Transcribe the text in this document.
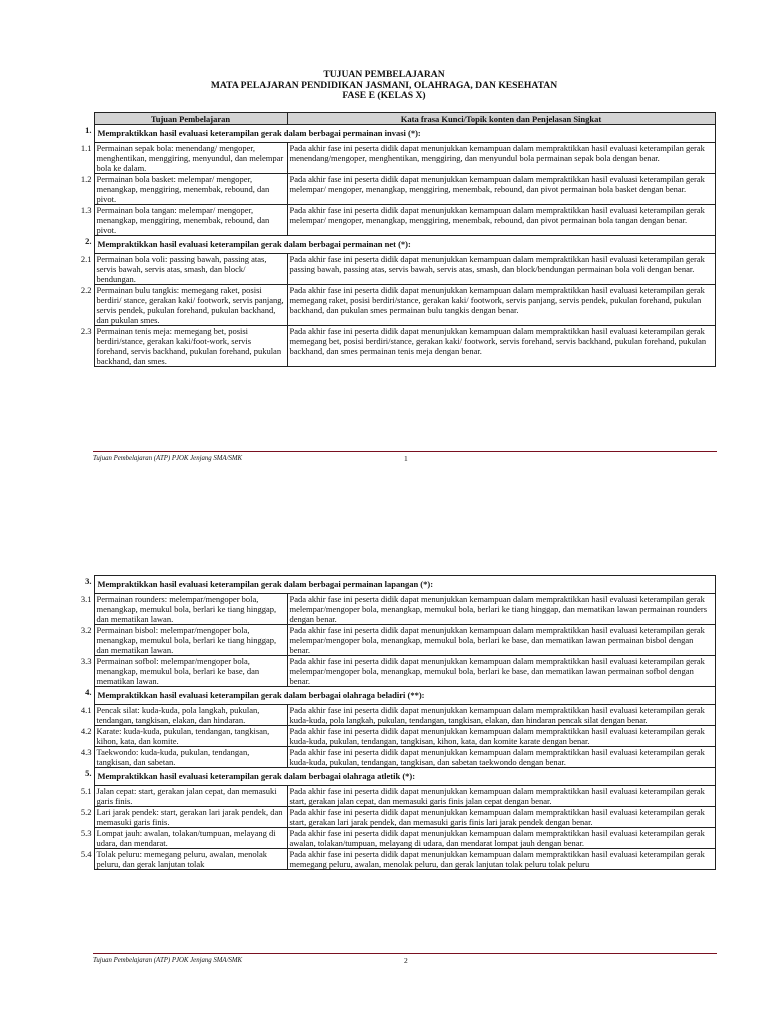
TUJUAN PEMBELAJARAN
MATA PELAJARAN PENDIDIKAN JASMANI, OLAHRAGA, DAN KESEHATAN
FASE E (KELAS X)
	Tujuan Pembelajaran	Kata frasa Kunci/Topik konten dan Penjelasan Singkat
1.	Mempraktikkan hasil evaluasi keterampilan gerak dalam berbagai permainan invasi (*):	
1.1	Permainan sepak bola: menendang/ mengoper, menghentikan, menggiring, menyundul, dan melempar bola ke dalam.	Pada akhir fase ini peserta didik dapat menunjukkan kemampuan dalam mempraktikkan hasil evaluasi keterampilan gerak menendang/mengoper, menghentikan, menggiring, dan menyundul bola permainan sepak bola dengan benar.
1.2	Permainan bola basket: melempar/ mengoper, menangkap, menggiring, menembak, rebound, dan pivot.	Pada akhir fase ini peserta didik dapat menunjukkan kemampuan dalam mempraktikkan hasil evaluasi keterampilan gerak melempar/ mengoper, menangkap, menggiring, menembak, rebound, dan pivot permainan bola basket dengan benar.
1.3	Permainan bola tangan: melempar/ mengoper, menangkap, menggiring, menembak, rebound, dan pivot.	Pada akhir fase ini peserta didik dapat menunjukkan kemampuan dalam mempraktikkan hasil evaluasi keterampilan gerak melempar/ mengoper, menangkap, menggiring, menembak, rebound, dan pivot permainan bola tangan dengan benar.
2.	Mempraktikkan hasil evaluasi keterampilan gerak dalam berbagai permainan net (*):	
2.1	Permainan bola voli: passing bawah, passing atas, servis bawah, servis atas, smash, dan block/ bendungan.	Pada akhir fase ini peserta didik dapat menunjukkan kemampuan dalam mempraktikkan hasil evaluasi keterampilan gerak passing bawah, passing atas, servis bawah, servis atas, smash, dan block/bendungan permainan bola voli dengan benar.
2.2	Permainan bulu tangkis: memegang raket, posisi berdiri/ stance, gerakan kaki/ footwork, servis panjang, servis pendek, pukulan forehand, pukulan backhand, dan pukulan smes.	Pada akhir fase ini peserta didik dapat menunjukkan kemampuan dalam mempraktikkan hasil evaluasi keterampilan gerak memegang raket, posisi berdiri/stance, gerakan kaki/ footwork, servis panjang, servis pendek, pukulan forehand, pukulan backhand, dan pukulan smes permainan bulu tangkis dengan benar.
2.3	Permainan tenis meja: memegang bet, posisi berdiri/stance, gerakan kaki/foot-work, servis forehand, servis backhand, pukulan forehand, pukulan backhand, dan smes.	Pada akhir fase ini peserta didik dapat menunjukkan kemampuan dalam mempraktikkan hasil evaluasi keterampilan gerak memegang bet, posisi berdiri/stance, gerakan kaki/ footwork, servis forehand, servis backhand, pukulan forehand, pukulan backhand, dan smes permainan tenis meja dengan benar.
Tujuan Pembelajaran (ATP) PJOK Jenjang SMA/SMK	1
3.	Mempraktikkan hasil evaluasi keterampilan gerak dalam berbagai permainan lapangan (*):	
3.1	Permainan rounders: melempar/mengoper bola, menangkap, memukul bola, berlari ke tiang hinggap, dan mematikan lawan.	Pada akhir fase ini peserta didik dapat menunjukkan kemampuan dalam mempraktikkan hasil evaluasi keterampilan gerak melempar/mengoper bola, menangkap, memukul bola, berlari ke tiang hinggap, dan mematikan lawan permainan rounders dengan benar.
3.2	Permainan bisbol: melempar/mengoper bola, menangkap, memukul bola, berlari ke tiang hinggap, dan mematikan lawan.	Pada akhir fase ini peserta didik dapat menunjukkan kemampuan dalam mempraktikkan hasil evaluasi keterampilan gerak melempar/mengoper bola, menangkap, memukul bola, berlari ke base, dan mematikan lawan permainan bisbol dengan benar.
3.3	Permainan sofbol: melempar/mengoper bola, menangkap, memukul bola, berlari ke base, dan mematikan lawan.	Pada akhir fase ini peserta didik dapat menunjukkan kemampuan dalam mempraktikkan hasil evaluasi keterampilan gerak melempar/mengoper bola, menangkap, memukul bola, berlari ke base, dan mematikan lawan permainan sofbol dengan benar.
4.	Mempraktikkan hasil evaluasi keterampilan gerak dalam berbagai olahraga beladiri (**):	
4.1	Pencak silat: kuda-kuda, pola langkah, pukulan, tendangan, tangkisan, elakan, dan hindaran.	Pada akhir fase ini peserta didik dapat menunjukkan kemampuan dalam mempraktikkan hasil evaluasi keterampilan gerak kuda-kuda, pola langkah, pukulan, tendangan, tangkisan, elakan, dan hindaran pencak silat dengan benar.
4.2	Karate: kuda-kuda, pukulan, tendangan, tangkisan, kihon, kata, dan komite.	Pada akhir fase ini peserta didik dapat menunjukkan kemampuan dalam mempraktikkan hasil evaluasi keterampilan gerak kuda-kuda, pukulan, tendangan, tangkisan, kihon, kata, dan komite karate dengan benar.
4.3	Taekwondo: kuda-kuda, pukulan, tendangan, tangkisan, dan sabetan.	Pada akhir fase ini peserta didik dapat menunjukkan kemampuan dalam mempraktikkan hasil evaluasi keterampilan gerak kuda-kuda, pukulan, tendangan, tangkisan, dan sabetan taekwondo dengan benar.
5.	Mempraktikkan hasil evaluasi keterampilan gerak dalam berbagai olahraga atletik (*):	
5.1	Jalan cepat: start, gerakan jalan cepat, dan memasuki garis finis.	Pada akhir fase ini peserta didik dapat menunjukkan kemampuan dalam mempraktikkan hasil evaluasi keterampilan gerak start, gerakan jalan cepat, dan memasuki garis finis jalan cepat dengan benar.
5.2	Lari jarak pendek: start, gerakan lari jarak pendek, dan memasuki garis finis.	Pada akhir fase ini peserta didik dapat menunjukkan kemampuan dalam mempraktikkan hasil evaluasi keterampilan gerak start, gerakan lari jarak pendek, dan memasuki garis finis lari jarak pendek dengan benar.
5.3	Lompat jauh: awalan, tolakan/tumpuan, melayang di udara, dan mendarat.	Pada akhir fase ini peserta didik dapat menunjukkan kemampuan dalam mempraktikkan hasil evaluasi keterampilan gerak awalan, tolakan/tumpuan, melayang di udara, dan mendarat lompat jauh dengan benar.
5.4	Tolak peluru: memegang peluru, awalan, menolak peluru, dan gerak lanjutan tolak	Pada akhir fase ini peserta didik dapat menunjukkan kemampuan dalam mempraktikkan hasil evaluasi keterampilan gerak memegang peluru, awalan, menolak peluru, dan gerak lanjutan tolak peluru tolak peluru
Tujuan Pembelajaran (ATP) PJOK Jenjang SMA/SMK	2
